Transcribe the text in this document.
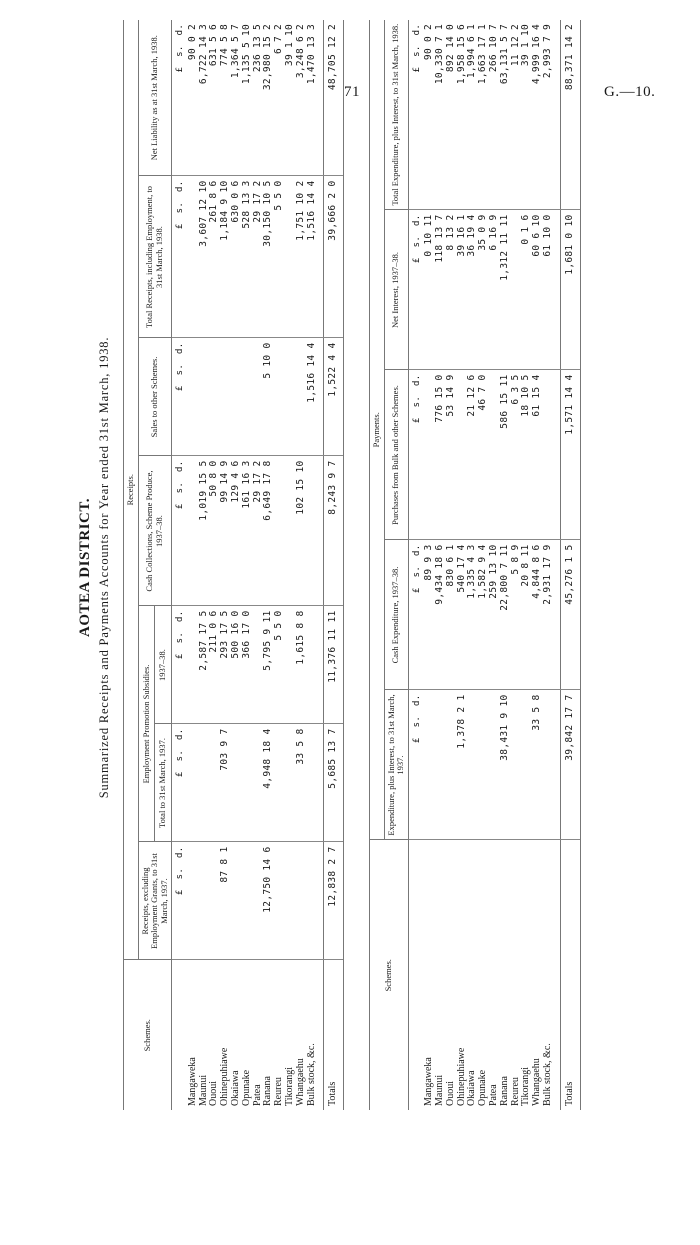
71	G.—10.
AOTEA DISTRICT. Summarized Receipts and Payments Accounts for Year ended 31st March, 1938.
Schemes.	Receipts.						
	Receipts, excluding Employment Grants, to 31st March, 1937.	Employment Promotion Subsidies.		Cash Collections, Scheme Produce, 1937–38.	Sales to other Schemes.	Total Receipts, including Employment, to 31st March, 1938.	Net Liability as at 31st March, 1938.
		Total to 31st March, 1937.	1937–38.				
	£s.d.	£s.d.	£s.d.	£s.d.	£s.d.	£s.d.	£s.d.
Mangaweka							90 0 2
Maunui			2,587 17 5	1,019 15 5		3,607 12 10	6,722 14 3
Ououi			211 0 6	50 8 0		261 8 6	631 5 6
Ohinepuhiawe	87 8 1	703 9 7	293 17 5	99 14 9		1,184 9 10	774 5 8
Okaiawa			500 16 0	129 4 6		630 0 6	1,364 5 7
Opunake			366 17 0	161 16 3		528 13 3	1,135 5 10
Patea				29 17 2		29 17 2	236 13 5
Ranana	12,750 14 6	4,948 18 4	5,795 9 11	6,649 17 8	5 10 0	30,150 10 5	32,980 15 2
Reureu			5 5 0			5 5 0	6 7 2
Tikorangi							39 1 10
Whangaehu		33 5 8	1,615 8 8	102 15 10		1,751 10 2	3,248 6 2
Bulk stock, &c.					1,516 14 4	1,516 14 4	1,470 13 3
Totals	12,838 2 7	5,685 13 7	11,376 11 11	8,243 9 7	1,522 4 4	39,666 2 0	48,705 12 2
Schemes.	Payments.				
	Expenditure, plus Interest, to 31st March, 1937.	Cash Expenditure, 1937–38.	Purchases from Bulk and other Schemes.	Net Interest, 1937–38.	Total Expenditure, plus Interest, to 31st March, 1938.
	£s.d.	£s.d.	£s.d.	£s.d.	£s.d.
Mangaweka		89 9 3		0 10 11	90 0 2
Maunui		9,434 18 6	776 15 0	118 13 7	10,330 7 1
Ououi		830 6 1	53 14 9	8 13 2	892 14 0
Ohinepuhiawe	1,378 2 1	540 17 4		39 16 1	1,958 15 6
Okaiawa		1,335 4 3	21 12 6	36 19 4	1,994 6 1
Opunake		1,582 9 4	46 7 0	35 0 9	1,663 17 1
Patea		259 13 10		6 16 9	266 10 7
Ranana	38,431 9 10	22,800 7 11	586 15 11	1,312 11 11	63,131 5 7
Reureu		5 8 9	6 3 5		11 12 2
Tikorangi		20 8 11	18 10 5	0 1 6	39 1 10
Whangaehu	33 5 8	4,844 8 6	61 15 4	60 6 10	4,999 16 4
Bulk stock, &c.		2,931 17 9		61 10 0	2,993 7 9
Totals	39,842 17 7	45,276 1 5	1,571 14 4	1,681 0 10	88,371 14 2
